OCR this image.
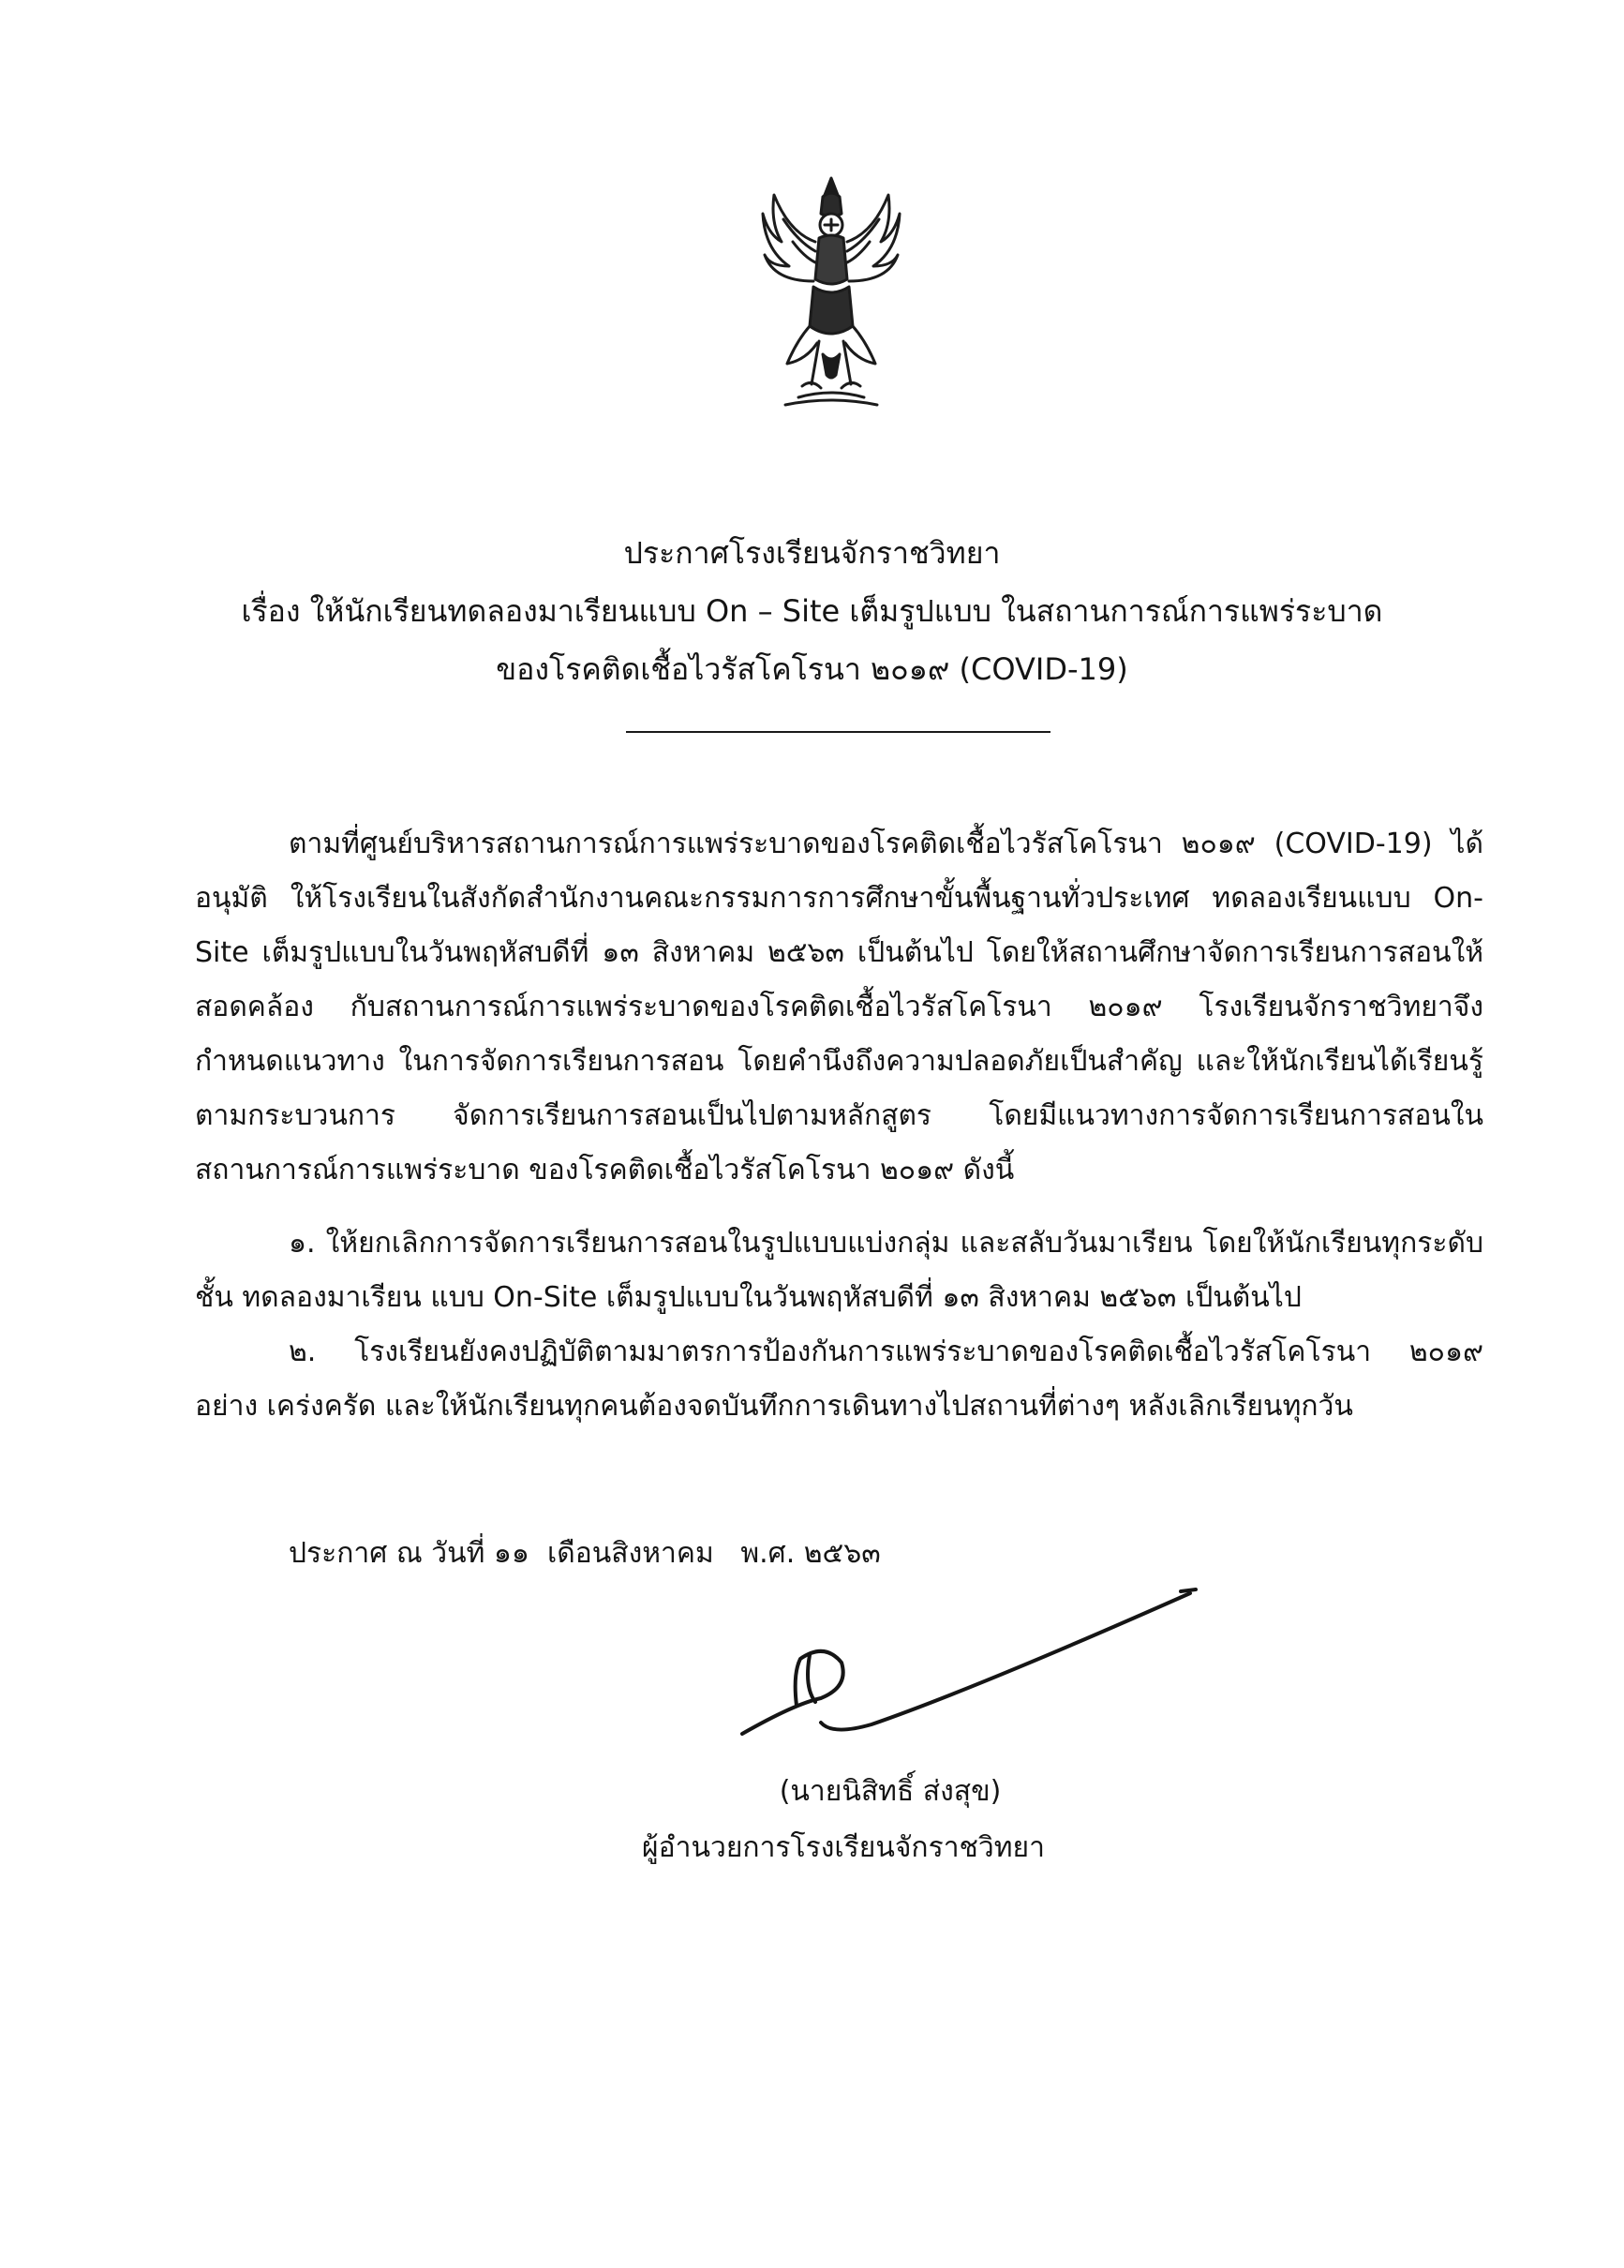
ประกาศโรงเรียนจักราชวิทยา
เรื่อง ให้นักเรียนทดลองมาเรียนแบบ On – Site เต็มรูปแบบ ในสถานการณ์การแพร่ระบาด
ของโรคติดเชื้อไวรัสโคโรนา ๒๐๑๙ (COVID-19)

ตามที่ศูนย์บริหารสถานการณ์การแพร่ระบาดของโรคติดเชื้อไวรัสโคโรนา ๒๐๑๙ (COVID-19) ได้อนุมัติ ให้โรงเรียนในสังกัดสำนักงานคณะกรรมการการศึกษาขั้นพื้นฐานทั่วประเทศ ทดลองเรียนแบบ On-Site เต็มรูปแบบในวันพฤหัสบดีที่ ๑๓ สิงหาคม ๒๕๖๓ เป็นต้นไป โดยให้สถานศึกษาจัดการเรียนการสอนให้สอดคล้อง กับสถานการณ์การแพร่ระบาดของโรคติดเชื้อไวรัสโคโรนา ๒๐๑๙ โรงเรียนจักราชวิทยาจึงกำหนดแนวทาง ในการจัดการเรียนการสอน โดยคำนึงถึงความปลอดภัยเป็นสำคัญ และให้นักเรียนได้เรียนรู้ตามกระบวนการ จัดการเรียนการสอนเป็นไปตามหลักสูตร โดยมีแนวทางการจัดการเรียนการสอนในสถานการณ์การแพร่ระบาด ของโรคติดเชื้อไวรัสโคโรนา ๒๐๑๙ ดังนี้

๑. ให้ยกเลิกการจัดการเรียนการสอนในรูปแบบแบ่งกลุ่ม และสลับวันมาเรียน โดยให้นักเรียนทุกระดับชั้น ทดลองมาเรียน แบบ On-Site เต็มรูปแบบในวันพฤหัสบดีที่ ๑๓ สิงหาคม ๒๕๖๓ เป็นต้นไป

๒. โรงเรียนยังคงปฏิบัติตามมาตรการป้องกันการแพร่ระบาดของโรคติดเชื้อไวรัสโคโรนา ๒๐๑๙ อย่าง เคร่งครัด และให้นักเรียนทุกคนต้องจดบันทึกการเดินทางไปสถานที่ต่างๆ หลังเลิกเรียนทุกวัน

ประกาศ ณ วันที่ ๑๑  เดือนสิงหาคม   พ.ศ. ๒๕๖๓
(นายนิสิทธิ์ ส่งสุข)
ผู้อำนวยการโรงเรียนจักราชวิทยา
